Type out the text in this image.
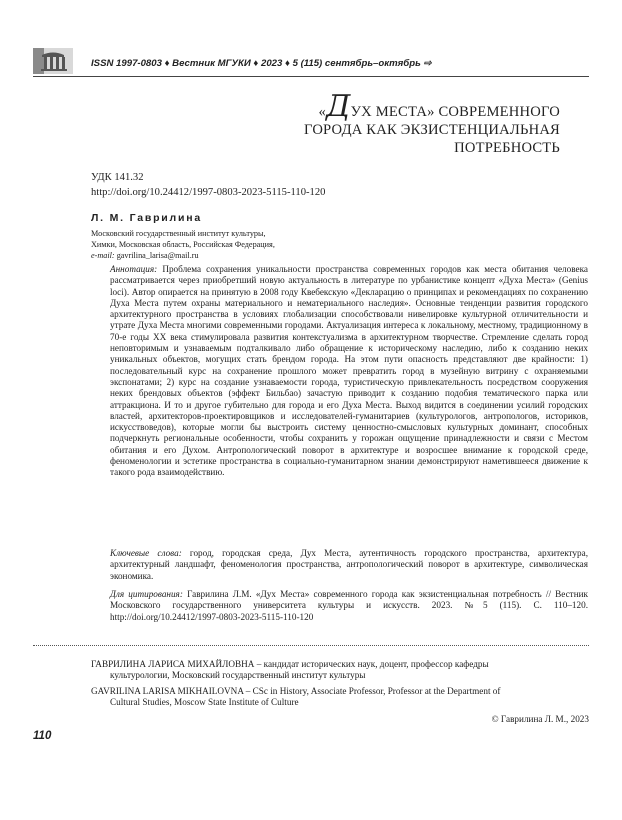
ISSN 1997-0803 ♦ Вестник МГУКИ ♦ 2023 ♦ 5 (115) сентябрь–октябрь ⇨
«ДУХ МЕСТА» СОВРЕМЕННОГО
ГОРОДА КАК ЭКЗИСТЕНЦИАЛЬНАЯ
ПОТРЕБНОСТЬ
УДК 141.32
http://doi.org/10.24412/1997-0803-2023-5115-110-120
Л. М. Гаврилина
Московский государственный институт культуры,
Химки, Московская область, Российская Федерация,
e-mail: gavrilina_larisa@mail.ru
Аннотация: Проблема сохранения уникальности пространства современных городов как места обитания человека рассматривается через приобретший новую актуальность в литературе по урбанистике концепт «Духа Места» (Genius loci). Автор опирается на принятую в 2008 году Квебекскую «Декларацию о принципах и рекомендациях по сохранению Духа Места путем охраны материального и нематериального наследия». Основные тенденции развития городского архитектурного пространства в условиях глобализации способствовали нивелировке культурной отличительности и утрате Духа Места многими современными городами. Актуализация интереса к локальному, местному, традиционному в 70-е годы XX века стимулировала развития контекстуализма в архитектурном творчестве. Стремление сделать город неповторимым и узнаваемым подталкивало либо обращение к историческому наследию, либо к созданию неких уникальных объектов, могущих стать брендом города. На этом пути опасность представляют две крайности: 1) последовательный курс на сохранение прошлого может превратить город в музейную витрину с охраняемыми экспонатами; 2) курс на создание узнаваемости города, туристическую привлекательность посредством сооружения неких брендовых объектов (эффект Бильбао) зачастую приводит к созданию подобия тематического парка или аттракциона. И то и другое губительно для города и его Духа Места. Выход видится в соединении усилий городских властей, архитекторов-проектировщиков и исследователей-гуманитариев (культурологов, антропологов, историков, искусствоведов), которые могли бы выстроить систему ценностно-смысловых культурных доминант, способных подчеркнуть региональные особенности, чтобы сохранить у горожан ощущение принадлежности и связи с Местом обитания и его Духом. Антропологический поворот в архитектуре и возросшее внимание к городской среде, феноменологии и эстетике пространства в социально-гуманитарном знании демонстрируют наметившееся движение к такого рода взаимодействию.
Ключевые слова: город, городская среда, Дух Места, аутентичность городского пространства, архитектура, архитектурный ландшафт, феноменология пространства, антропологический поворот в архитектуре, символическая экономика.
Для цитирования: Гаврилина Л.М. «Дух Места» современного города как экзистенциальная потребность // Вестник Московского государственного университета культуры и искусств. 2023. №5 (115). С. 110–120. http://doi.org/10.24412/1997-0803-2023-5115-110-120
ГАВРИЛИНА ЛАРИСА МИХАЙЛОВНА – кандидат исторических наук, доцент, профессор кафедры
культурологии, Московский государственный институт культуры
GAVRILINA LARISA MIKHAILOVNA – CSc in History, Associate Professor, Professor at the Department of
Cultural Studies, Moscow State Institute of Culture
© Гаврилина Л. М., 2023
110
